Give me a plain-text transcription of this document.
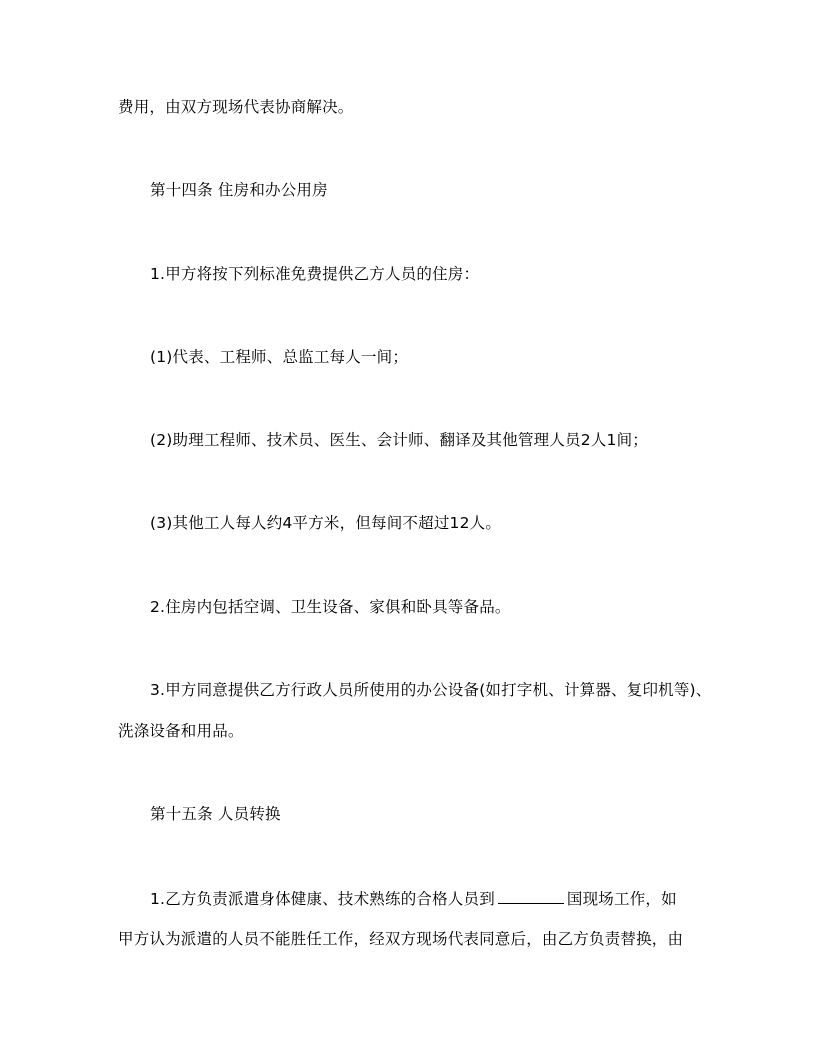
费用，由双方现场代表协商解决。
第十四条 住房和办公用房
1.甲方将按下列标准免费提供乙方人员的住房：
(1)代表、工程师、总监工每人一间；
(2)助理工程师、技术员、医生、会计师、翻译及其他管理人员2人1间；
(3)其他工人每人约4平方米，但每间不超过12人。
2.住房内包括空调、卫生设备、家俱和卧具等备品。
3.甲方同意提供乙方行政人员所使用的办公设备(如打字机、计算器、复印机等)、
洗涤设备和用品。
第十五条 人员转换
1.乙方负责派遣身体健康、技术熟练的合格人员到	国现场工作，如
甲方认为派遣的人员不能胜任工作，经双方现场代表同意后，由乙方负责替换，由
